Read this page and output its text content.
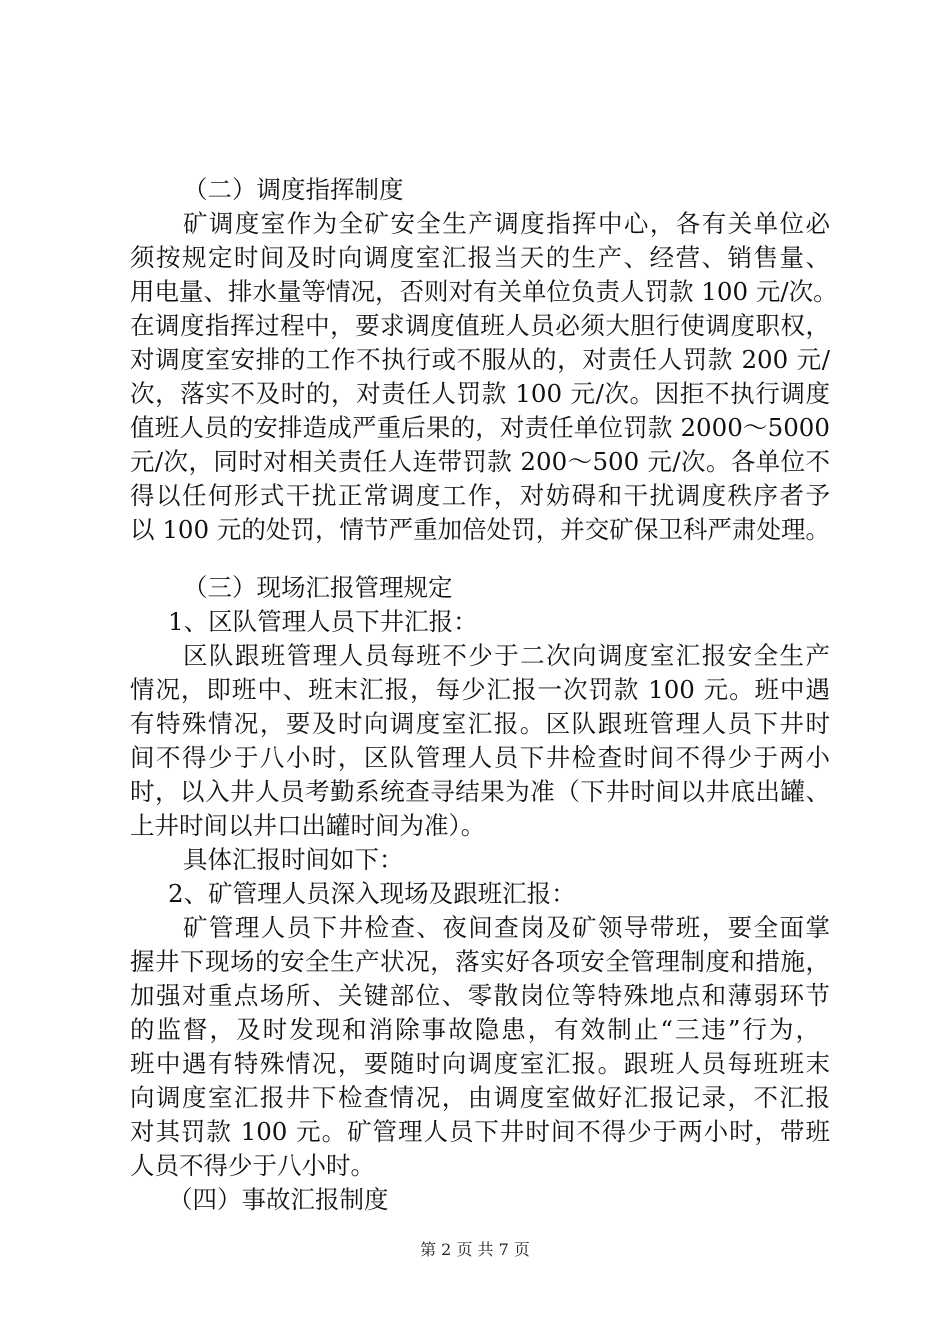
（二）调度指挥制度
矿调度室作为全矿安全生产调度指挥中心，各有关单位必
须按规定时间及时向调度室汇报当天的生产、经营、销售量、
用电量、排水量等情况，否则对有关单位负责人罚款 100 元/次。
在调度指挥过程中，要求调度值班人员必须大胆行使调度职权，
对调度室安排的工作不执行或不服从的，对责任人罚款 200 元/
次，落实不及时的，对责任人罚款 100 元/次。因拒不执行调度
值班人员的安排造成严重后果的，对责任单位罚款 2000～5000
元/次，同时对相关责任人连带罚款 200～500 元/次。各单位不
得以任何形式干扰正常调度工作，对妨碍和干扰调度秩序者予
以 100 元的处罚，情节严重加倍处罚，并交矿保卫科严肃处理。
（三）现场汇报管理规定
1、区队管理人员下井汇报：
区队跟班管理人员每班不少于二次向调度室汇报安全生产
情况，即班中、班末汇报，每少汇报一次罚款 100 元。班中遇
有特殊情况，要及时向调度室汇报。区队跟班管理人员下井时
间不得少于八小时，区队管理人员下井检查时间不得少于两小
时，以入井人员考勤系统查寻结果为准（下井时间以井底出罐、
上井时间以井口出罐时间为准）。
具体汇报时间如下：
2、矿管理人员深入现场及跟班汇报：
矿管理人员下井检查、夜间查岗及矿领导带班，要全面掌
握井下现场的安全生产状况，落实好各项安全管理制度和措施，
加强对重点场所、关键部位、零散岗位等特殊地点和薄弱环节
的监督，及时发现和消除事故隐患，有效制止“三违”行为，
班中遇有特殊情况，要随时向调度室汇报。跟班人员每班班末
向调度室汇报井下检查情况，由调度室做好汇报记录，不汇报
对其罚款 100 元。矿管理人员下井时间不得少于两小时，带班
人员不得少于八小时。
（四）事故汇报制度
第 2 页 共 7 页
